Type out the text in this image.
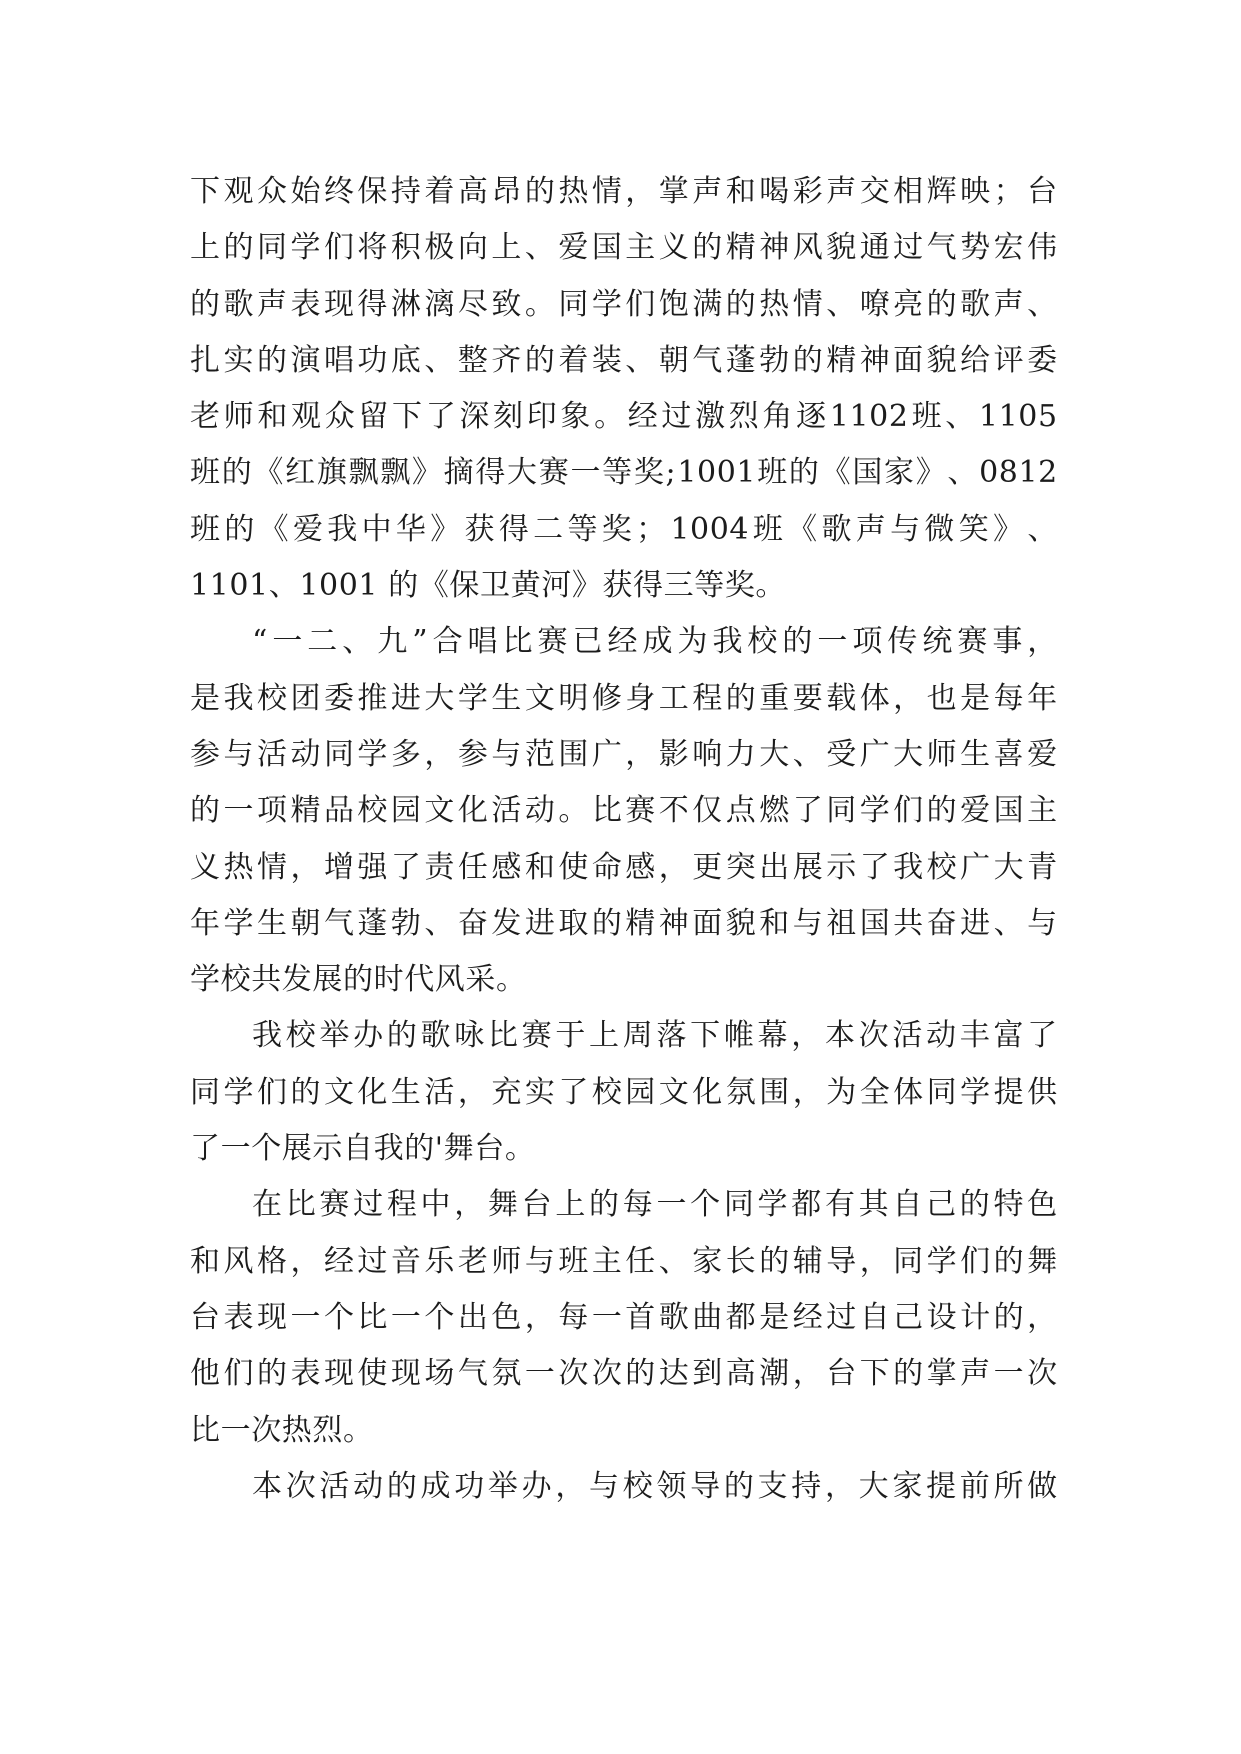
下 观 众 始 终 保 持 着 高 昂 的 热 情 ， 掌 声 和 喝 彩 声 交 相 辉 映 ； 台
上 的 同 学 们 将 积 极 向 上 、 爱 国 主 义 的 精 神 风 貌 通 过 气 势 宏 伟
的 歌 声 表 现 得 淋 漓 尽 致 。 同 学 们 饱 满 的 热 情 、 嘹 亮 的 歌 声 、
扎 实 的 演 唱 功 底 、 整 齐 的 着 装 、 朝 气 蓬 勃 的 精 神 面 貌 给 评 委
老 师 和 观 众 留 下 了 深 刻 印 象 。 经 过 激 烈 角 逐 1102 班 、 1105
班 的 《 红 旗 飘 飘 》 摘 得 大 赛 一 等 奖 ; 1001 班 的 《 国 家 》 、 0812
班 的 《 爱 我 中 华 》 获 得 二 等 奖 ； 1004 班 《 歌 声 与 微 笑 》 、
1101、1001 的《保卫黄河》获得三等奖。
“ 一 二 、 九 ” 合 唱 比 赛 已 经 成 为 我 校 的 一 项 传 统 赛 事 ，
是 我 校 团 委 推 进 大 学 生 文 明 修 身 工 程 的 重 要 载 体 ， 也 是 每 年
参 与 活 动 同 学 多 ， 参 与 范 围 广 ， 影 响 力 大 、 受 广 大 师 生 喜 爱
的 一 项 精 品 校 园 文 化 活 动 。 比 赛 不 仅 点 燃 了 同 学 们 的 爱 国 主
义 热 情 ， 增 强 了 责 任 感 和 使 命 感 ， 更 突 出 展 示 了 我 校 广 大 青
年 学 生 朝 气 蓬 勃 、 奋 发 进 取 的 精 神 面 貌 和 与 祖 国 共 奋 进 、 与
学校共发展的时代风采。
我 校 举 办 的 歌 咏 比 赛 于 上 周 落 下 帷 幕 ， 本 次 活 动 丰 富 了
同 学 们 的 文 化 生 活 ， 充 实 了 校 园 文 化 氛 围 ， 为 全 体 同 学 提 供
了一个展示自我的'舞台。
在 比 赛 过 程 中 ， 舞 台 上 的 每 一 个 同 学 都 有 其 自 己 的 特 色
和 风 格 ， 经 过 音 乐 老 师 与 班 主 任 、 家 长 的 辅 导 ， 同 学 们 的 舞
台 表 现 一 个 比 一 个 出 色 ， 每 一 首 歌 曲 都 是 经 过 自 己 设 计 的 ，
他 们 的 表 现 使 现 场 气 氛 一 次 次 的 达 到 高 潮 ， 台 下 的 掌 声 一 次
比一次热烈。
本 次 活 动 的 成 功 举 办 ， 与 校 领 导 的 支 持 ， 大 家 提 前 所 做
